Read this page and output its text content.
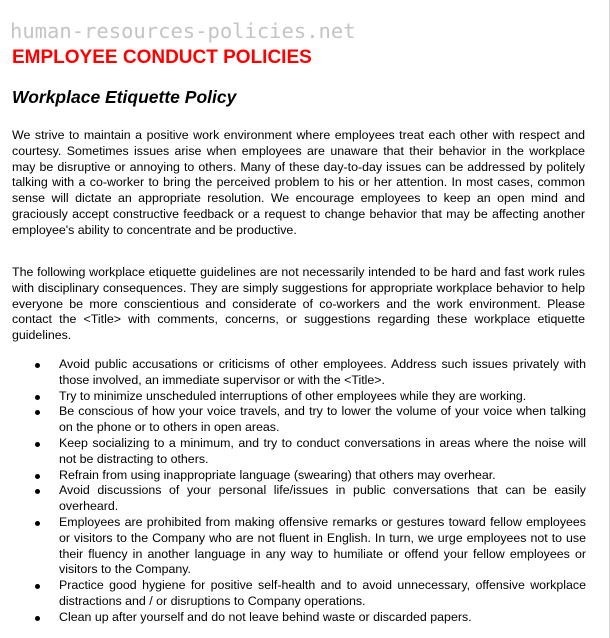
human-resources-policies.net
EMPLOYEE CONDUCT POLICIES
Workplace Etiquette Policy

We strive to maintain a positive work environment where employees treat each other with respect and courtesy. Sometimes issues arise when employees are unaware that their behavior in the workplace may be disruptive or annoying to others. Many of these day-to-day issues can be addressed by politely talking with a co-worker to bring the perceived problem to his or her attention. In most cases, common sense will dictate an appropriate resolution. We encourage employees to keep an open mind and graciously accept constructive feedback or a request to change behavior that may be affecting another employee's ability to concentrate and be productive.

The following workplace etiquette guidelines are not necessarily intended to be hard and fast work rules with disciplinary consequences. They are simply suggestions for appropriate workplace behavior to help everyone be more conscientious and considerate of co-workers and the work environment. Please contact the <Title> with comments, concerns, or suggestions regarding these workplace etiquette guidelines.

Avoid public accusations or criticisms of other employees. Address such issues privately with those involved, an immediate supervisor or with the <Title>.
Try to minimize unscheduled interruptions of other employees while they are working.
Be conscious of how your voice travels, and try to lower the volume of your voice when talking on the phone or to others in open areas.
Keep socializing to a minimum, and try to conduct conversations in areas where the noise will not be distracting to others.
Refrain from using inappropriate language (swearing) that others may overhear.
Avoid discussions of your personal life/issues in public conversations that can be easily overheard.
Employees are prohibited from making offensive remarks or gestures toward fellow employees or visitors to the Company who are not fluent in English. In turn, we urge employees not to use their fluency in another language in any way to humiliate or offend your fellow employees or visitors to the Company.
Practice good hygiene for positive self-health and to avoid unnecessary, offensive workplace distractions and / or disruptions to Company operations.
Clean up after yourself and do not leave behind waste or discarded papers.
